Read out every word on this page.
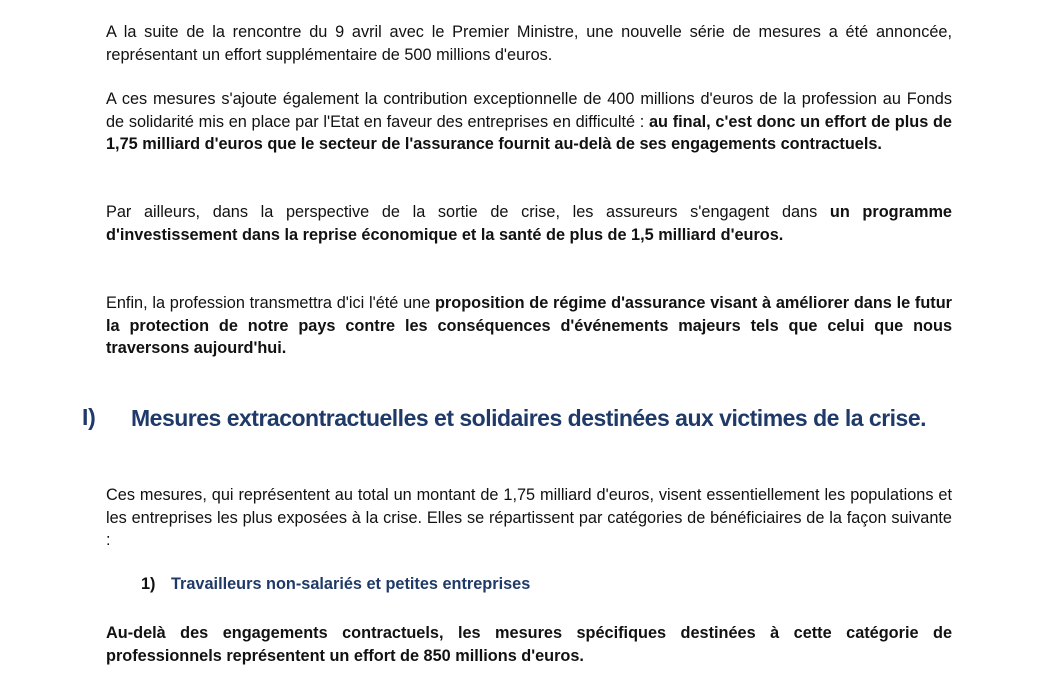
A la suite de la rencontre du 9 avril avec le Premier Ministre, une nouvelle série de mesures a été annoncée, représentant un effort supplémentaire de 500 millions d'euros.

A ces mesures s'ajoute également la contribution exceptionnelle de 400 millions d'euros de la profession au Fonds de solidarité mis en place par l'Etat en faveur des entreprises en difficulté : au final, c'est donc un effort de plus de 1,75 milliard d'euros que le secteur de l'assurance fournit au-delà de ses engagements contractuels.

Par ailleurs, dans la perspective de la sortie de crise, les assureurs s'engagent dans un programme d'investissement dans la reprise économique et la santé de plus de 1,5 milliard d'euros.

Enfin, la profession transmettra d'ici l'été une proposition de régime d'assurance visant à améliorer dans le futur la protection de notre pays contre les conséquences d'événements majeurs tels que celui que nous traversons aujourd'hui.

I) Mesures extracontractuelles et solidaires destinées aux victimes de la crise.

Ces mesures, qui représentent au total un montant de 1,75 milliard d'euros, visent essentiellement les populations et les entreprises les plus exposées à la crise. Elles se répartissent par catégories de bénéficiaires de la façon suivante :

1) Travailleurs non-salariés et petites entreprises

Au-delà des engagements contractuels, les mesures spécifiques destinées à cette catégorie de professionnels représentent un effort de 850 millions d'euros.
